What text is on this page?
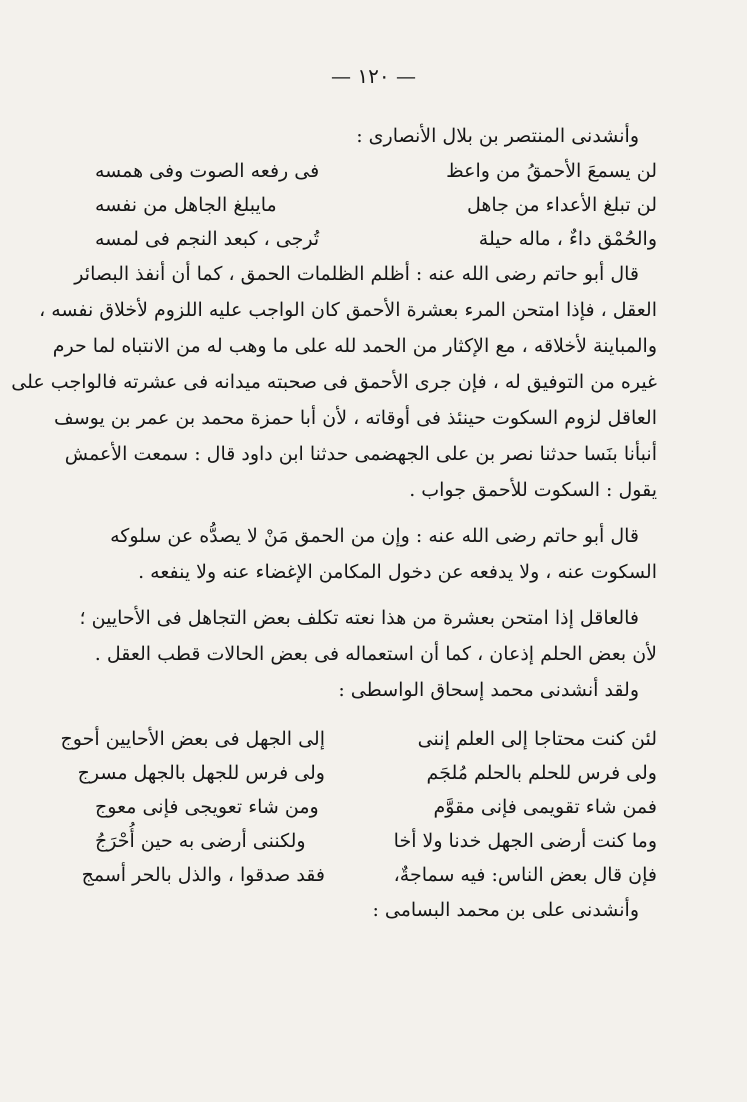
— ١٢٠ —
وأنشدنى المنتصر بن بلال الأنصارى :
لن يسمعَ الأحمقُ من واعظ
فى رفعه الصوت وفى همسه
لن تبلغ الأعداء من جاهل
مايبلغ الجاهل من نفسه
والحُمْق داءٌ ، ماله حيلة
تُرجى ، كبعد النجم فى لمسه
قال أبو حاتم رضى الله عنه : أظلم الظلمات الحمق ، كما أن أنفذ البصائر
العقل ، فإذا امتحن المرء بعشرة الأحمق كان الواجب عليه اللزوم لأخلاق نفسه ،
والمباينة لأخلاقه ، مع الإكثار من الحمد لله على ما وهب له من الانتباه لما حرم
غيره من التوفيق له ، فإن جرى الأحمق فى صحبته ميدانه فى عشرته فالواجب على
العاقل لزوم السكوت حينئذ فى أوقاته ، لأن أبا حمزة محمد بن عمر بن يوسف
أنبأنا بنَسا حدثنا نصر بن على الجهضمى حدثنا ابن داود قال : سمعت الأعمش
يقول : السكوت للأحمق جواب .
قال أبو حاتم رضى الله عنه : وإن من الحمق مَنْ لا يصدُّه عن سلوكه
السكوت عنه ، ولا يدفعه عن دخول المكامن الإغضاء عنه ولا ينفعه .
فالعاقل إذا امتحن بعشرة من هذا نعته تكلف بعض التجاهل فى الأحايين ؛
لأن بعض الحلم إذعان ، كما أن استعماله فى بعض الحالات قطب العقل .
ولقد أنشدنى محمد إسحاق الواسطى :
لئن كنت محتاجا إلى العلم إننى
إلى الجهل فى بعض الأحايين أحوج
ولى فرس للحلم بالحلم مُلجَم
ولى فرس للجهل بالجهل مسرج
فمن شاء تقويمى فإنى مقوَّم
ومن شاء تعويجى فإنى معوج
وما كنت أرضى الجهل خدنا ولا أخا
ولكننى أرضى به حين أُحْرَجُ
فإن قال بعض الناس: فيه سماجةٌ،
فقد صدقوا ، والذل بالحر أسمج
وأنشدنى على بن محمد البسامى :
